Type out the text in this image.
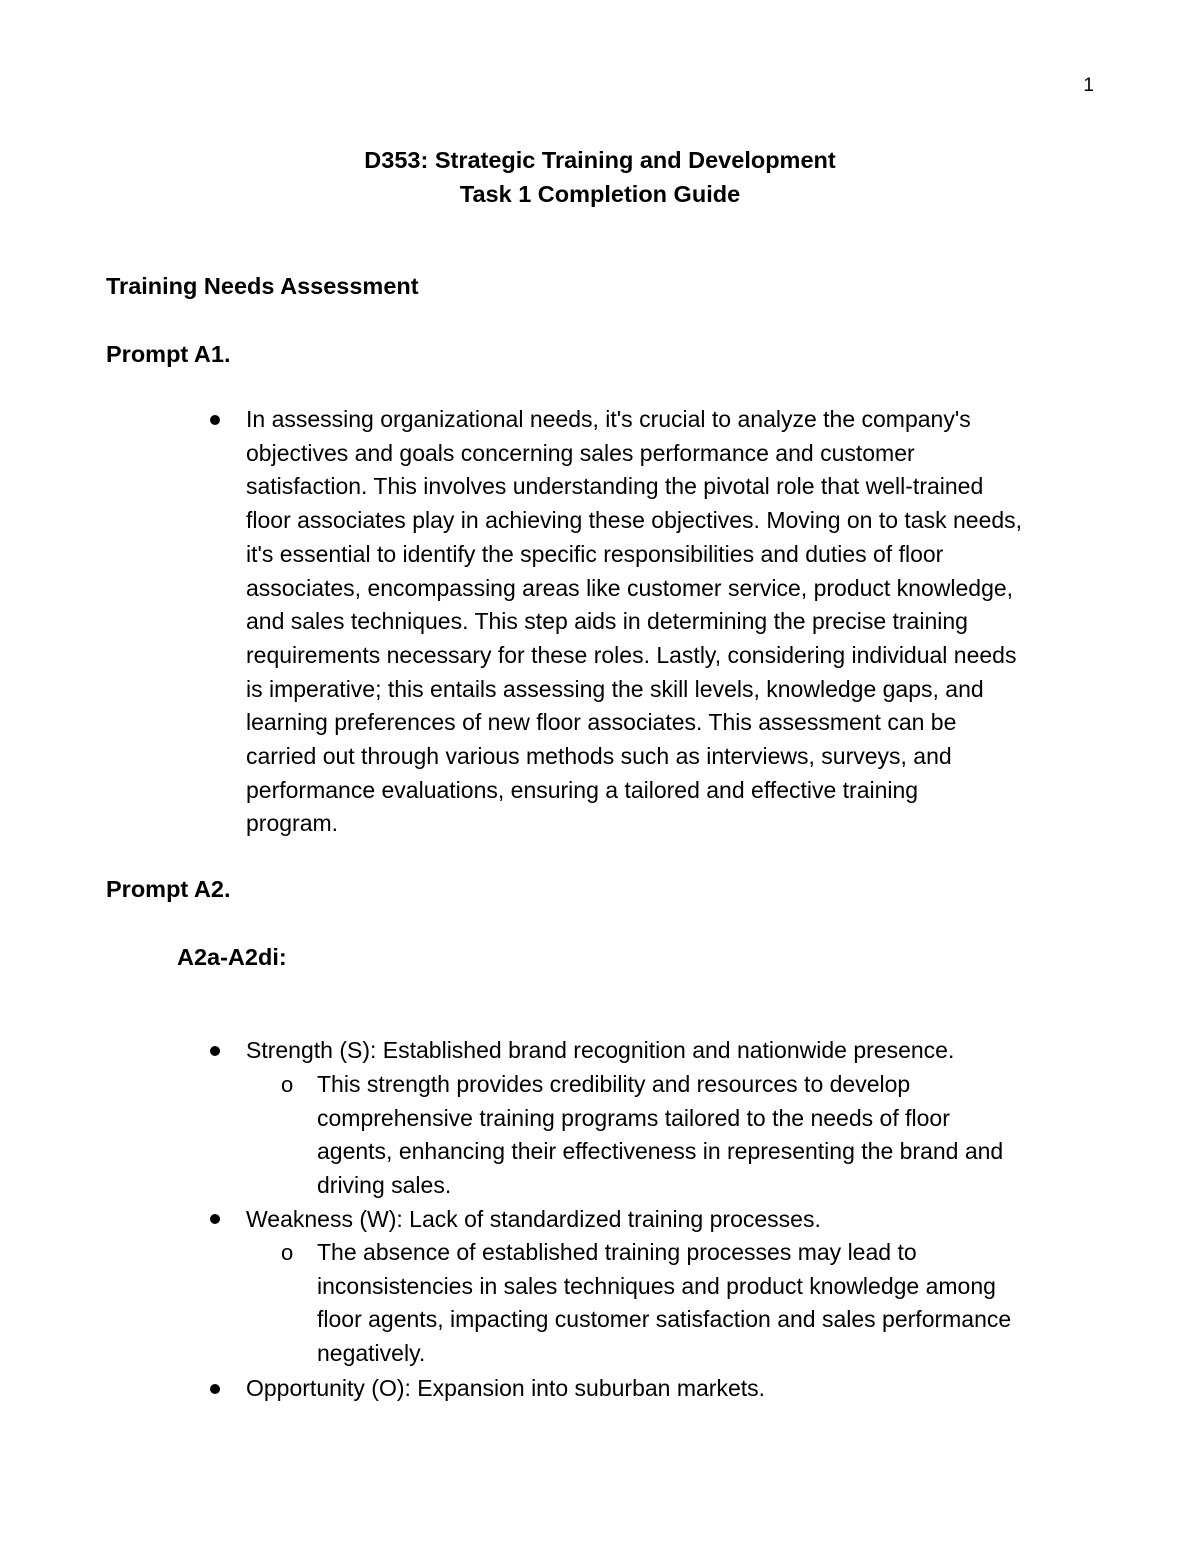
1
D353: Strategic Training and Development
Task 1 Completion Guide
Training Needs Assessment
Prompt A1.
In assessing organizational needs, it's crucial to analyze the company's
objectives and goals concerning sales performance and customer
satisfaction. This involves understanding the pivotal role that well-trained
floor associates play in achieving these objectives. Moving on to task needs,
it's essential to identify the specific responsibilities and duties of floor
associates, encompassing areas like customer service, product knowledge,
and sales techniques. This step aids in determining the precise training
requirements necessary for these roles. Lastly, considering individual needs
is imperative; this entails assessing the skill levels, knowledge gaps, and
learning preferences of new floor associates. This assessment can be
carried out through various methods such as interviews, surveys, and
performance evaluations, ensuring a tailored and effective training
program.
Prompt A2.
A2a-A2di:
Strength (S): Established brand recognition and nationwide presence.
o This strength provides credibility and resources to develop
comprehensive training programs tailored to the needs of floor
agents, enhancing their effectiveness in representing the brand and
driving sales.
Weakness (W): Lack of standardized training processes.
o The absence of established training processes may lead to
inconsistencies in sales techniques and product knowledge among
floor agents, impacting customer satisfaction and sales performance
negatively.
Opportunity (O): Expansion into suburban markets.
